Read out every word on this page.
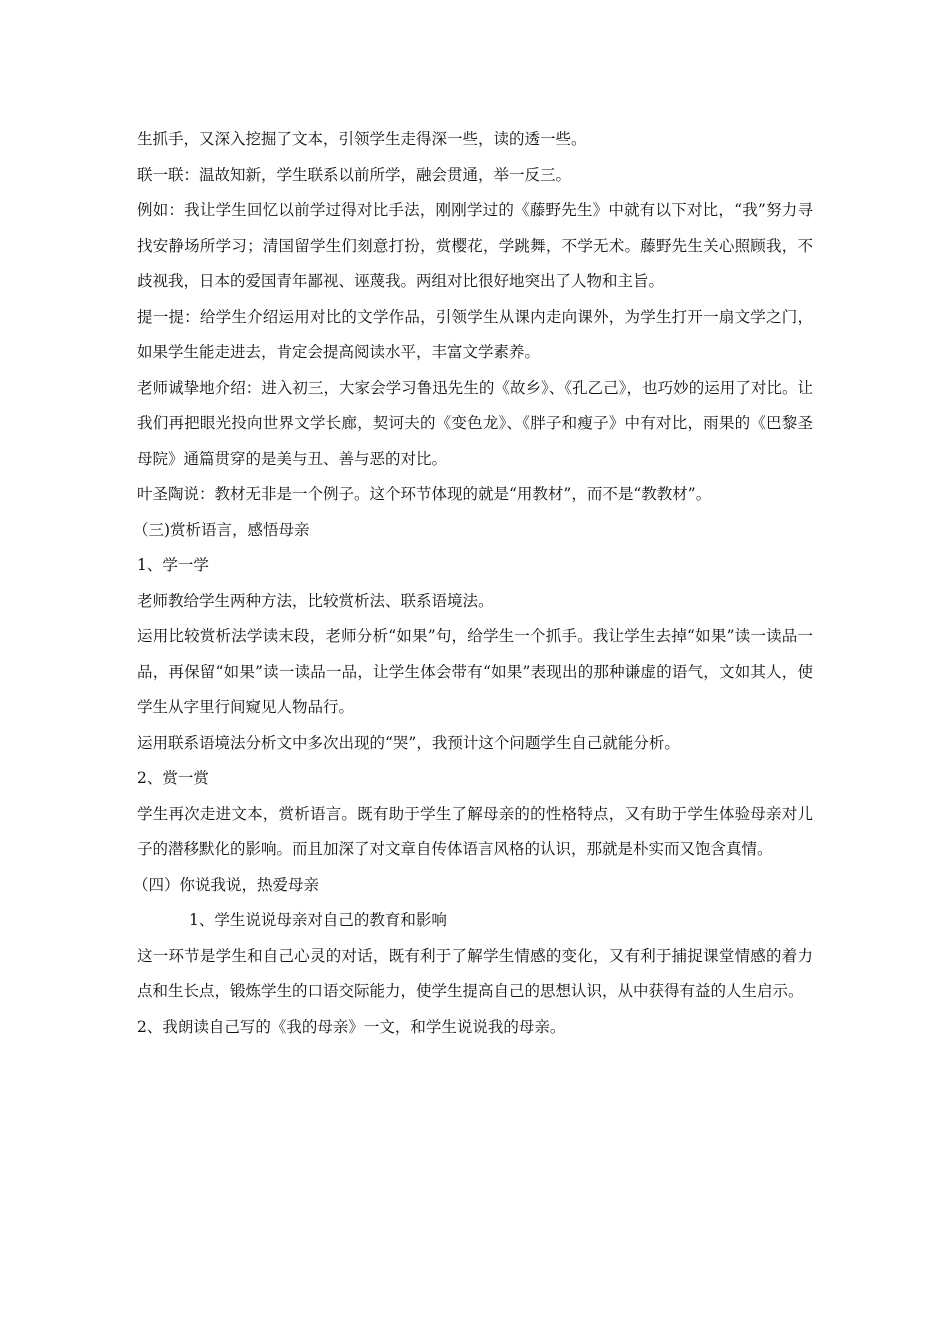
生抓手，又深入挖掘了文本，引领学生走得深一些，读的透一些。

联一联：温故知新，学生联系以前所学，融会贯通，举一反三。

例如：我让学生回忆以前学过得对比手法，刚刚学过的《藤野先生》中就有以下对比，“我”努力寻找安静场所学习；清国留学生们刻意打扮，赏樱花，学跳舞，不学无术。藤野先生关心照顾我，不歧视我，日本的爱国青年鄙视、诬蔑我。两组对比很好地突出了人物和主旨。

提一提：给学生介绍运用对比的文学作品，引领学生从课内走向课外，为学生打开一扇文学之门，如果学生能走进去，肯定会提高阅读水平，丰富文学素养。

老师诚挚地介绍：进入初三，大家会学习鲁迅先生的《故乡》、《孔乙己》，也巧妙的运用了对比。让我们再把眼光投向世界文学长廊，契诃夫的《变色龙》、《胖子和瘦子》中有对比，雨果的《巴黎圣母院》通篇贯穿的是美与丑、善与恶的对比。

叶圣陶说：教材无非是一个例子。这个环节体现的就是“用教材”，而不是“教教材”。

（三)赏析语言，感悟母亲

1、学一学

老师教给学生两种方法，比较赏析法、联系语境法。

运用比较赏析法学读末段，老师分析“如果”句，给学生一个抓手。我让学生去掉“如果”读一读品一品，再保留“如果”读一读品一品，让学生体会带有“如果”表现出的那种谦虚的语气，文如其人，使学生从字里行间窥见人物品行。

运用联系语境法分析文中多次出现的“哭”，我预计这个问题学生自己就能分析。

2、赏一赏

学生再次走进文本，赏析语言。既有助于学生了解母亲的的性格特点，又有助于学生体验母亲对儿子的潜移默化的影响。而且加深了对文章自传体语言风格的认识，那就是朴实而又饱含真情。

（四）你说我说，热爱母亲

1、学生说说母亲对自己的教育和影响

这一环节是学生和自己心灵的对话，既有利于了解学生情感的变化，又有利于捕捉课堂情感的着力点和生长点，锻炼学生的口语交际能力，使学生提高自己的思想认识，从中获得有益的人生启示。

2、我朗读自己写的《我的母亲》一文，和学生说说我的母亲。
